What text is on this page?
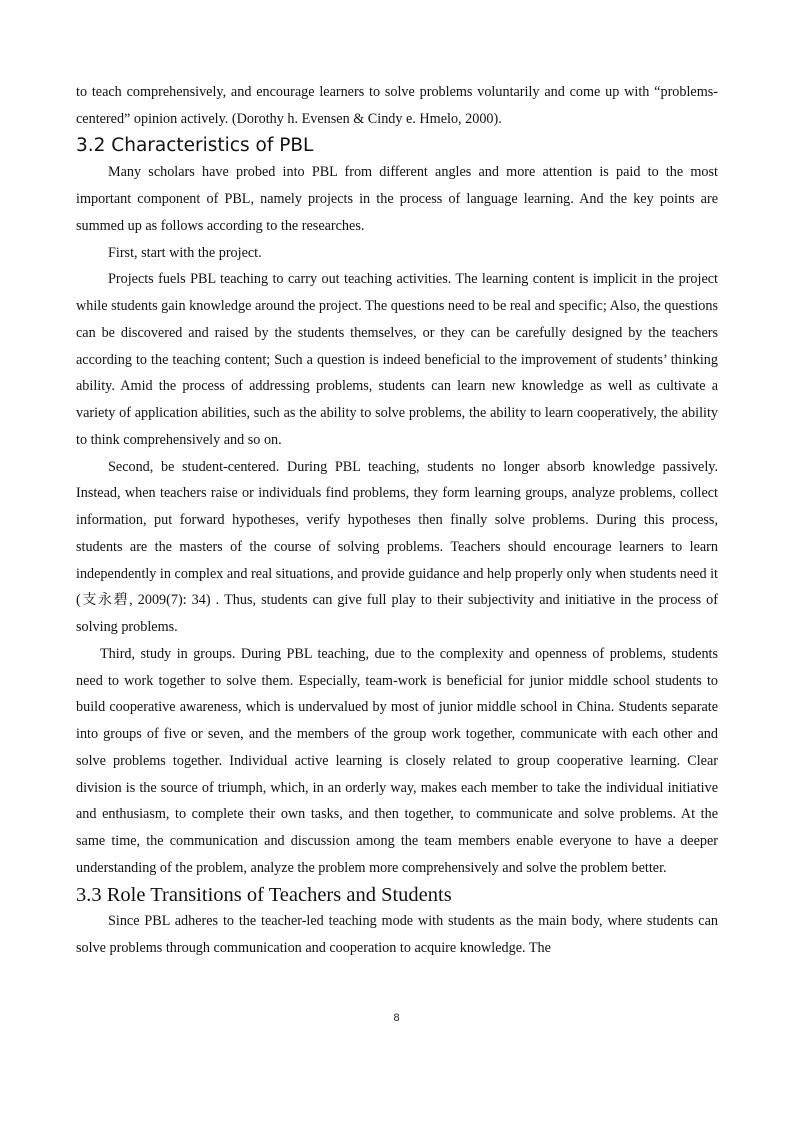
to teach comprehensively, and encourage learners to solve problems voluntarily and come up with “problems-centered” opinion actively. (Dorothy h. Evensen & Cindy e. Hmelo, 2000).

3.2 Characteristics of PBL

Many scholars have probed into PBL from different angles and more attention is paid to the most important component of PBL, namely projects in the process of language learning. And the key points are summed up as follows according to the researches.

First, start with the project.

Projects fuels PBL teaching to carry out teaching activities. The learning content is implicit in the project while students gain knowledge around the project. The questions need to be real and specific; Also, the questions can be discovered and raised by the students themselves, or they can be carefully designed by the teachers according to the teaching content; Such a question is indeed beneficial to the improvement of students’ thinking ability. Amid the process of addressing problems, students can learn new knowledge as well as cultivate a variety of application abilities, such as the ability to solve problems, the ability to learn cooperatively, the ability to think comprehensively and so on.

Second, be student-centered. During PBL teaching, students no longer absorb knowledge passively. Instead, when teachers raise or individuals find problems, they form learning groups, analyze problems, collect information, put forward hypotheses, verify hypotheses then finally solve problems. During this process, students are the masters of the course of solving problems. Teachers should encourage learners to learn independently in complex and real situations, and provide guidance and help properly only when students need it (支永碧, 2009(7): 34) . Thus, students can give full play to their subjectivity and initiative in the process of solving problems.

Third, study in groups. During PBL teaching, due to the complexity and openness of problems, students need to work together to solve them. Especially, team-work is beneficial for junior middle school students to build cooperative awareness, which is undervalued by most of junior middle school in China. Students separate into groups of five or seven, and the members of the group work together, communicate with each other and solve problems together. Individual active learning is closely related to group cooperative learning. Clear division is the source of triumph, which, in an orderly way, makes each member to take the individual initiative and enthusiasm, to complete their own tasks, and then together, to communicate and solve problems. At the same time, the communication and discussion among the team members enable everyone to have a deeper understanding of the problem, analyze the problem more comprehensively and solve the problem better.

3.3 Role Transitions of Teachers and Students

Since PBL adheres to the teacher-led teaching mode with students as the main body, where students can solve problems through communication and cooperation to acquire knowledge. The

8
